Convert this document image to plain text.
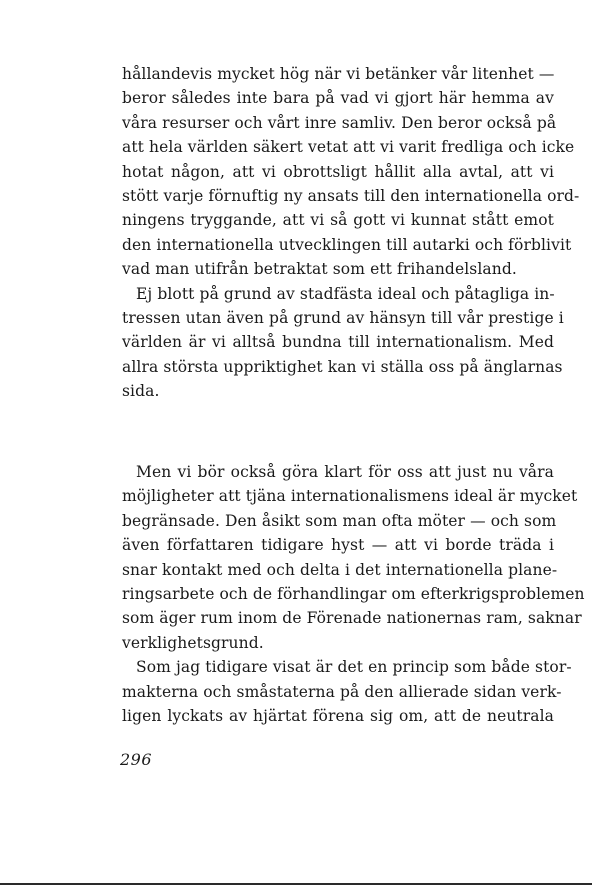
hållandevis mycket hög när vi betänker vår litenhet —
beror således inte bara på vad vi gjort här hemma av
våra resurser och vårt inre samliv. Den beror också på
att hela världen säkert vetat att vi varit fredliga och icke
hotat någon, att vi obrottsligt hållit alla avtal, att vi
stött varje förnuftig ny ansats till den internationella ord-
ningens tryggande, att vi så gott vi kunnat stått emot
den internationella utvecklingen till autarki och förblivit
vad man utifrån betraktat som ett frihandelsland.
Ej blott på grund av stadfästa ideal och påtagliga in-
tressen utan även på grund av hänsyn till vår prestige i
världen är vi alltså bundna till internationalism. Med
allra största uppriktighet kan vi ställa oss på änglarnas
sida.
Men vi bör också göra klart för oss att just nu våra
möjligheter att tjäna internationalismens ideal är mycket
begränsade. Den åsikt som man ofta möter — och som
även författaren tidigare hyst — att vi borde träda i
snar kontakt med och delta i det internationella plane-
ringsarbete och de förhandlingar om efterkrigsproblemen
som äger rum inom de Förenade nationernas ram, saknar
verklighetsgrund.
Som jag tidigare visat är det en princip som både stor-
makterna och småstaterna på den allierade sidan verk-
ligen lyckats av hjärtat förena sig om, att de neutrala
296
